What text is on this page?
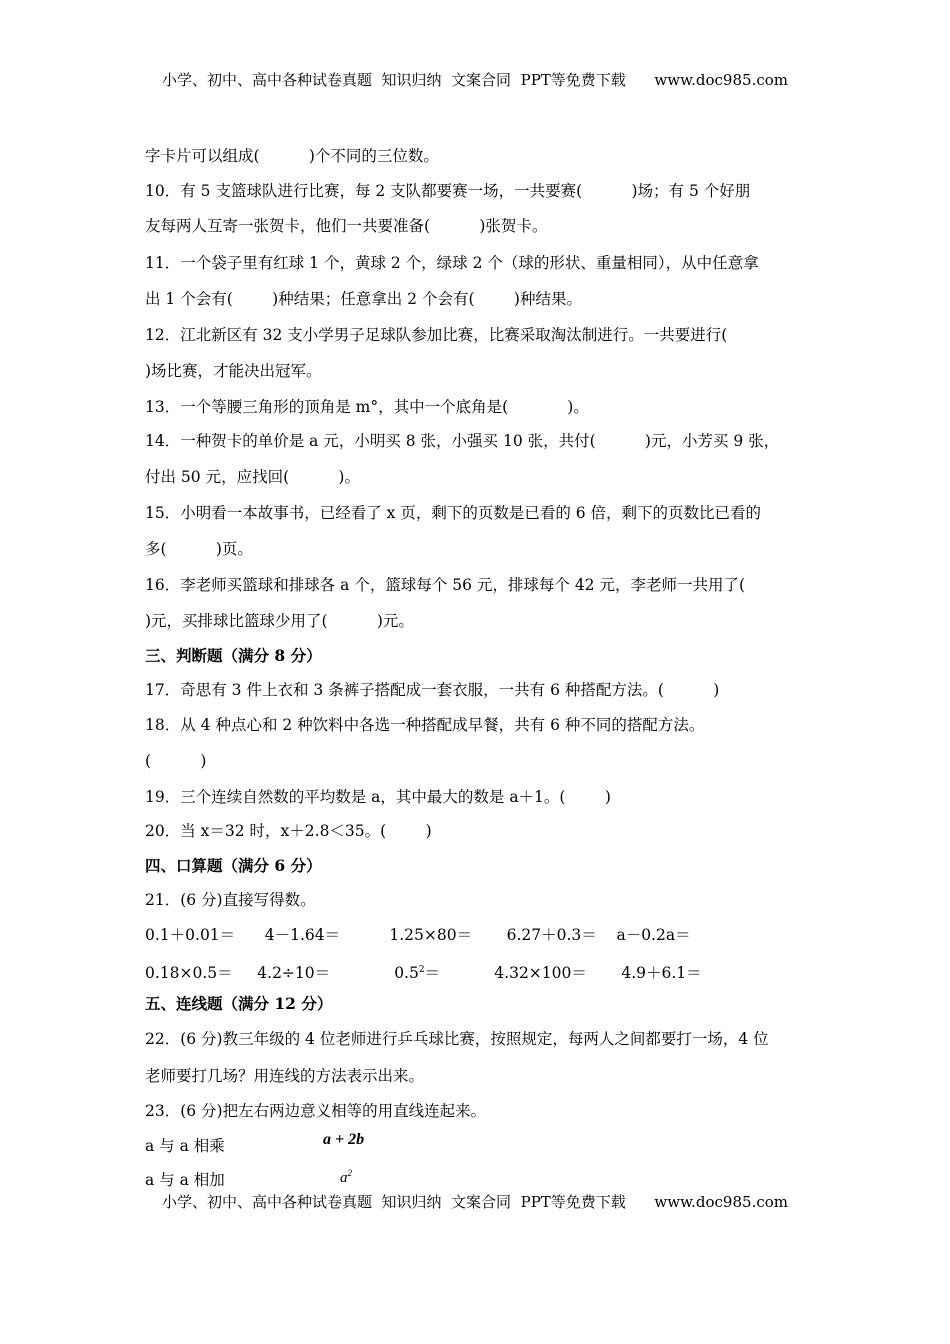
小学、初中、高中各种试卷真题  知识归纳  文案合同  PPT等免费下载      www.doc985.com
字卡片可以组成(          )个不同的三位数。
10．有 5 支篮球队进行比赛，每 2 支队都要赛一场，一共要赛(          )场；有 5 个好朋
友每两人互寄一张贺卡，他们一共要准备(          )张贺卡。
11．一个袋子里有红球 1 个，黄球 2 个，绿球 2 个（球的形状、重量相同），从中任意拿
出 1 个会有(        )种结果；任意拿出 2 个会有(        )种结果。
12．江北新区有 32 支小学男子足球队参加比赛，比赛采取淘汰制进行。一共要进行(
)场比赛，才能决出冠军。
13．一个等腰三角形的顶角是 m°，其中一个底角是(            )。
14．一种贺卡的单价是 a 元，小明买 8 张，小强买 10 张，共付(          )元，小芳买 9 张，
付出 50 元，应找回(          )。
15．小明看一本故事书，已经看了 x 页，剩下的页数是已看的 6 倍，剩下的页数比已看的
多(          )页。
16．李老师买篮球和排球各 a 个，篮球每个 56 元，排球每个 42 元，李老师一共用了(
)元，买排球比篮球少用了(          )元。
三、判断题（满分 8 分）
17．奇思有 3 件上衣和 3 条裤子搭配成一套衣服，一共有 6 种搭配方法。(          )
18．从 4 种点心和 2 种饮料中各选一种搭配成早餐，共有 6 种不同的搭配方法。
(          )
19．三个连续自然数的平均数是 a，其中最大的数是 a＋1。(        )
20．当 x＝32 时，x＋2.8＜35。(        )
四、口算题（满分 6 分）
21．(6 分)直接写得数。
0.1＋0.01＝      4－1.64＝          1.25×80＝       6.27＋0.3＝    a－0.2a＝
0.18×0.5＝     4.2÷10＝             $0.5^2=$           4.32×100＝       4.9＋6.1＝
五、连线题（满分 12 分）
22．(6 分)教三年级的 4 位老师进行乒乓球比赛，按照规定，每两人之间都要打一场，4 位
老师要打几场？用连线的方法表示出来。
23．(6 分)把左右两边意义相等的用直线连起来。
a 与 a 相乘
a 与 a 相加
a + 2b
$a^2$
小学、初中、高中各种试卷真题  知识归纳  文案合同  PPT等免费下载      www.doc985.com
